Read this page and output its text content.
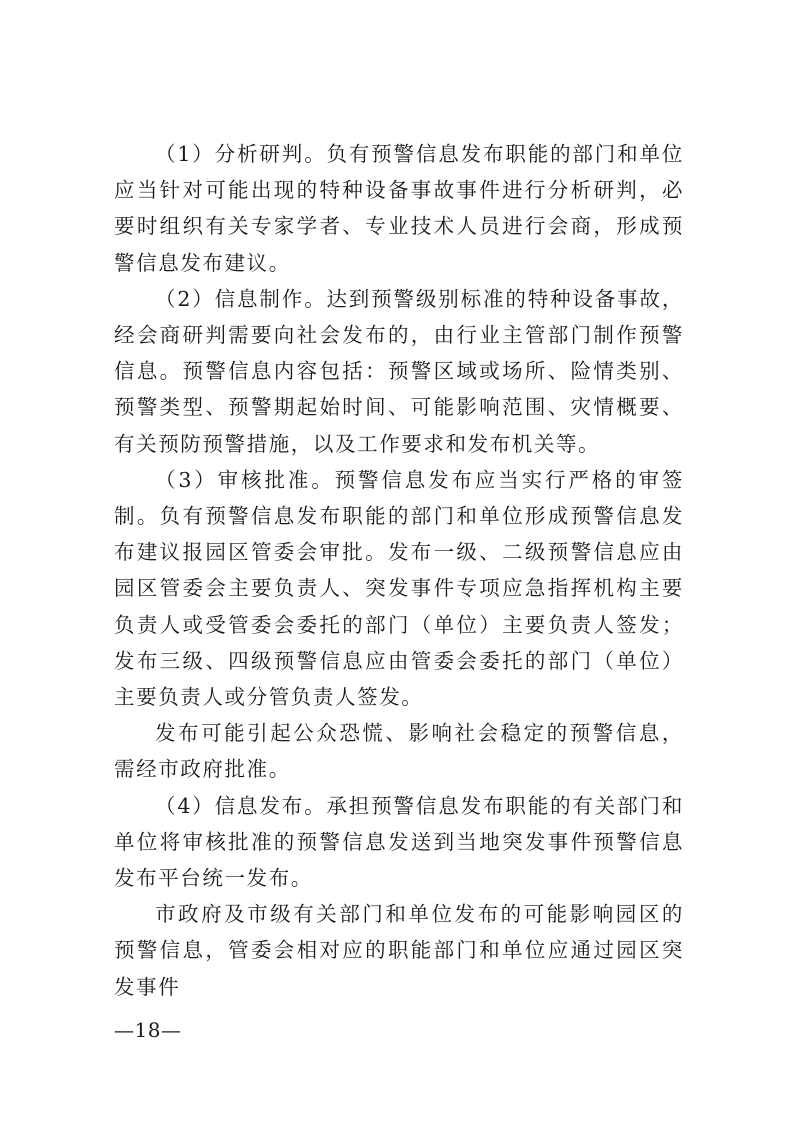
（1）分析研判。负有预警信息发布职能的部门和单位应当针对可能出现的特种设备事故事件进行分析研判，必要时组织有关专家学者、专业技术人员进行会商，形成预警信息发布建议。

（2）信息制作。达到预警级别标准的特种设备事故，经会商研判需要向社会发布的，由行业主管部门制作预警信息。预警信息内容包括：预警区域或场所、险情类别、预警类型、预警期起始时间、可能影响范围、灾情概要、有关预防预警措施，以及工作要求和发布机关等。

（3）审核批准。预警信息发布应当实行严格的审签制。负有预警信息发布职能的部门和单位形成预警信息发布建议报园区管委会审批。发布一级、二级预警信息应由园区管委会主要负责人、突发事件专项应急指挥机构主要负责人或受管委会委托的部门（单位）主要负责人签发；发布三级、四级预警信息应由管委会委托的部门（单位）主要负责人或分管负责人签发。

发布可能引起公众恐慌、影响社会稳定的预警信息，需经市政府批准。

（4）信息发布。承担预警信息发布职能的有关部门和单位将审核批准的预警信息发送到当地突发事件预警信息发布平台统一发布。

市政府及市级有关部门和单位发布的可能影响园区的预警信息，管委会相对应的职能部门和单位应通过园区突发事件

—18—
